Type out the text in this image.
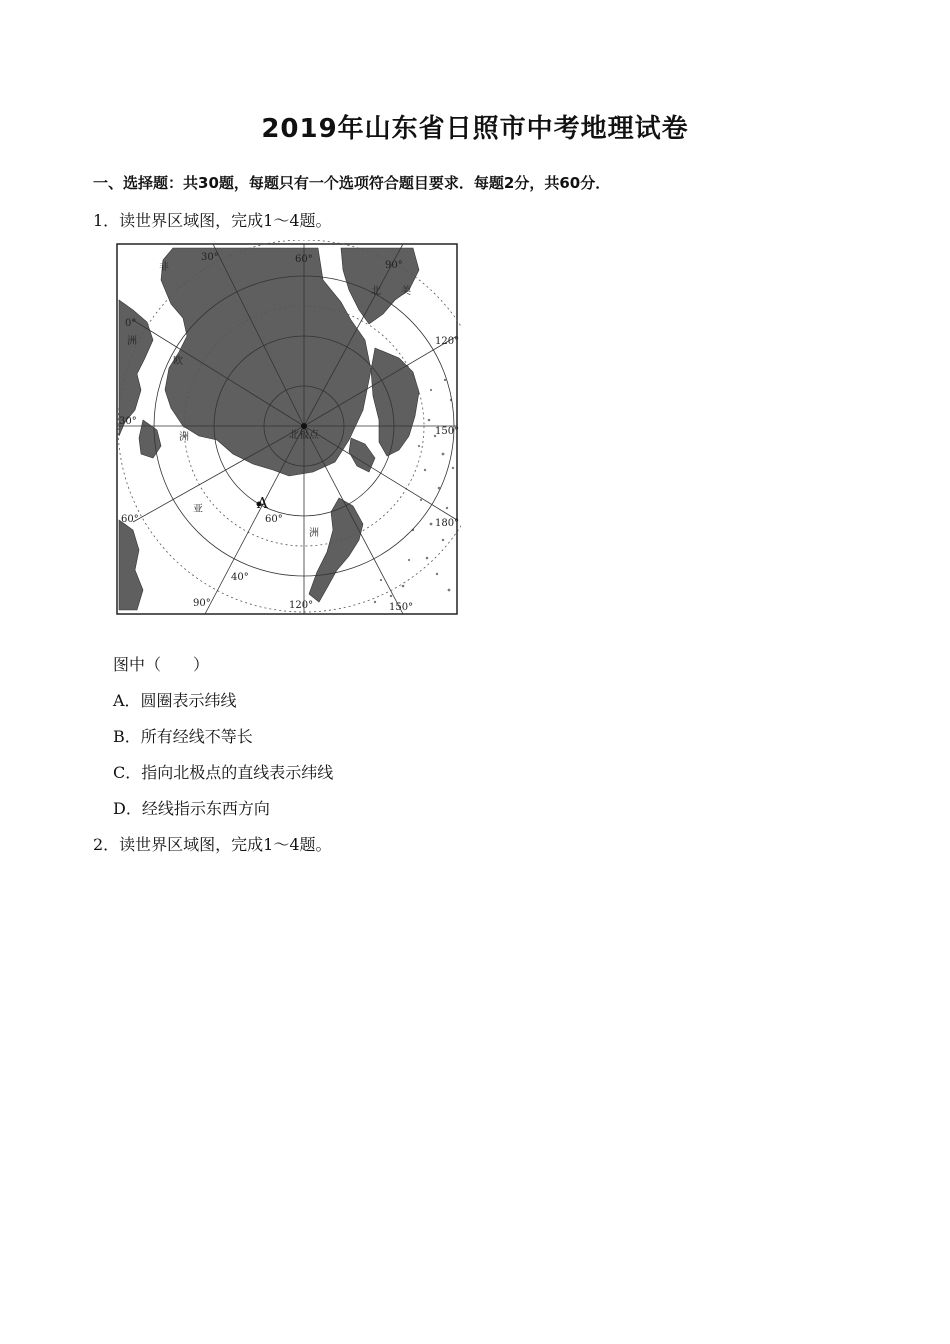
2019年山东省日照市中考地理试卷
一、选择题：共30题，每题只有一个选项符合题目要求．每题2分，共60分．
1．读世界区域图，完成1～4题。
北极点
A
30°	60°
90°
0°
120°
30°
150°
60°	180°
90°	120°	150°
60°
40°
非
北 美
洲
欧
洲
亚
洲
图中（　　）
A．圆圈表示纬线
B．所有经线不等长
C．指向北极点的直线表示纬线
D．经线指示东西方向
2．读世界区域图，完成1～4题。
